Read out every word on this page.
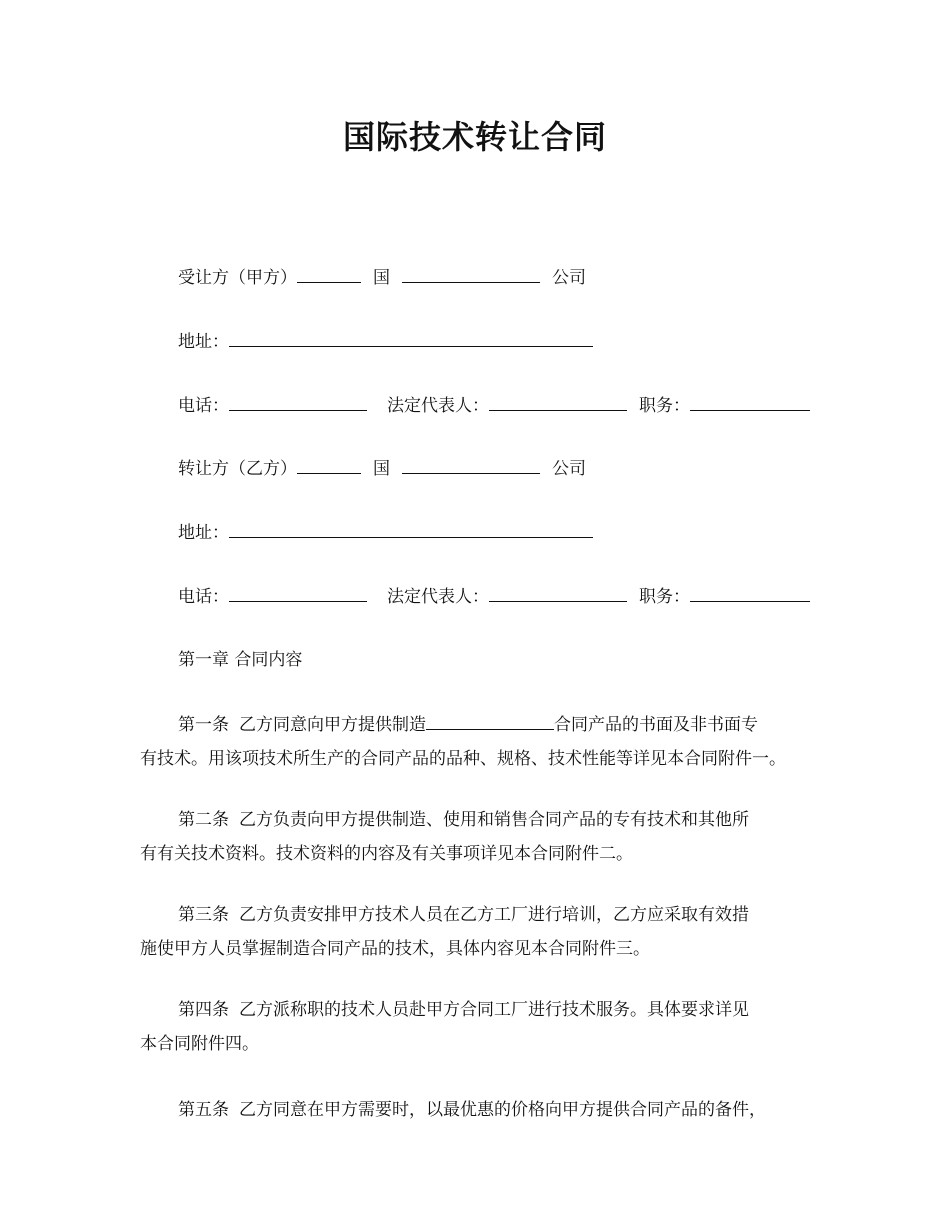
国际技术转让合同
受让方（甲方）	国	公司
地址：
电话：	法定代表人：	职务：
转让方（乙方）	国	公司
地址：
电话：	法定代表人：	职务：
第一章 合同内容
第一条 乙方同意向甲方提供制造	合同产品的书面及非书面专
有技术。用该项技术所生产的合同产品的品种、规格、技术性能等详见本合同附件一。
第二条 乙方负责向甲方提供制造、使用和销售合同产品的专有技术和其他所
有有关技术资料。技术资料的内容及有关事项详见本合同附件二。
第三条 乙方负责安排甲方技术人员在乙方工厂进行培训，乙方应采取有效措
施使甲方人员掌握制造合同产品的技术，具体内容见本合同附件三。
第四条 乙方派称职的技术人员赴甲方合同工厂进行技术服务。具体要求详见
本合同附件四。
第五条 乙方同意在甲方需要时，以最优惠的价格向甲方提供合同产品的备件，
